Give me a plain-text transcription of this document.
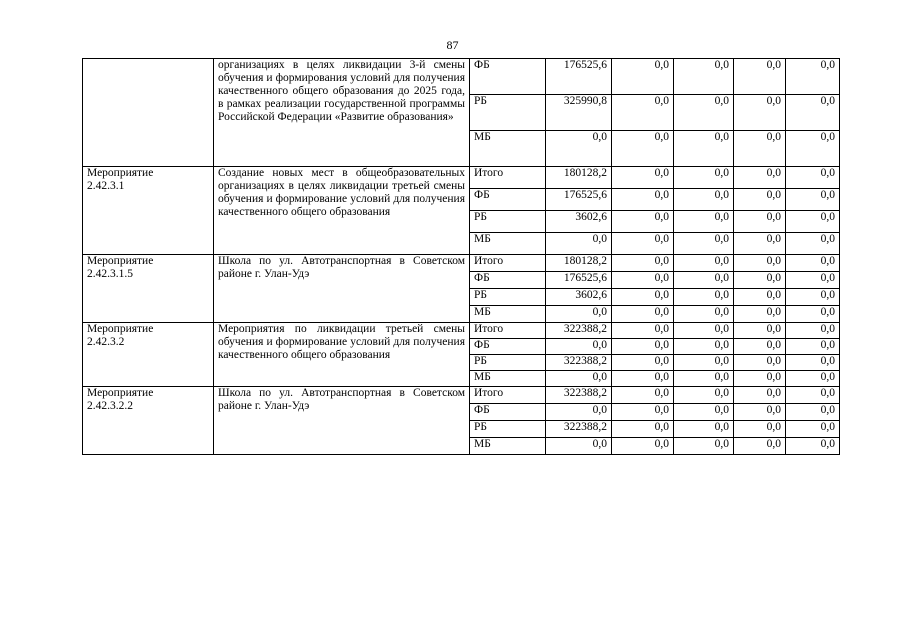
87
	организациях в целях ликвидации 3-й смены обучения и формирования условий для получения качественного общего образования до 2025 года, в рамках реализации государственной программы Российской Федерации «Развитие образования»	ФБ	176525,6	0,0	0,0	0,0	0,0
		РБ	325990,8	0,0	0,0	0,0	0,0
		МБ	0,0	0,0	0,0	0,0	0,0

Мероприятие
2.42.3.1	Создание новых мест в общеобразовательных организациях в целях ликвидации третьей смены обучения и формирование условий для получения качественного общего образования	Итого	180128,2	0,0	0,0	0,0	0,0
		ФБ	176525,6	0,0	0,0	0,0	0,0
		РБ	3602,6	0,0	0,0	0,0	0,0
		МБ	0,0	0,0	0,0	0,0	0,0

Мероприятие
2.42.3.1.5	Школа по ул. Автотранспортная в Советском районе г. Улан-Удэ	Итого	180128,2	0,0	0,0	0,0	0,0
		ФБ	176525,6	0,0	0,0	0,0	0,0
		РБ	3602,6	0,0	0,0	0,0	0,0
		МБ	0,0	0,0	0,0	0,0	0,0

Мероприятие
2.42.3.2	Мероприятия по ликвидации третьей смены обучения и формирование условий для получения качественного общего образования	Итого	322388,2	0,0	0,0	0,0	0,0
		ФБ	0,0	0,0	0,0	0,0	0,0
		РБ	322388,2	0,0	0,0	0,0	0,0
		МБ	0,0	0,0	0,0	0,0	0,0

Мероприятие
2.42.3.2.2	Школа по ул. Автотранспортная в Советском районе г. Улан-Удэ	Итого	322388,2	0,0	0,0	0,0	0,0
		ФБ	0,0	0,0	0,0	0,0	0,0
		РБ	322388,2	0,0	0,0	0,0	0,0
		МБ	0,0	0,0	0,0	0,0	0,0
